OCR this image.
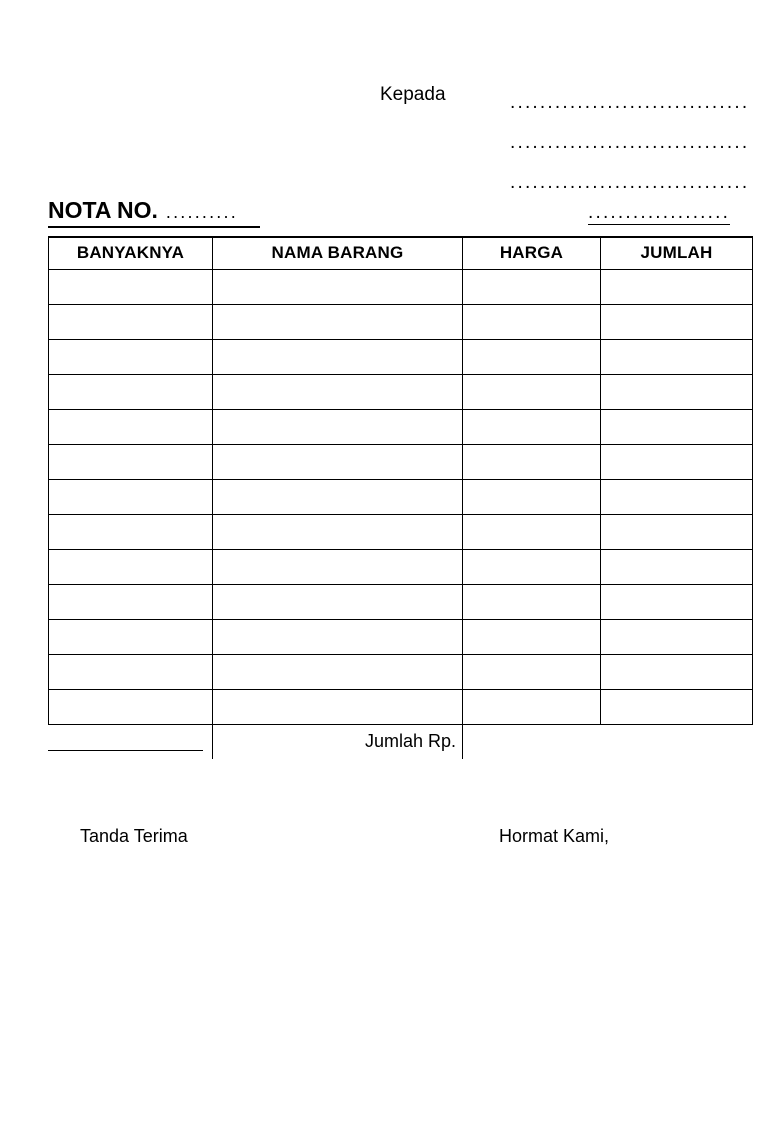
Kepada	................................
................................
................................
...................
NOTA NO. ..........
BANYAKNYA	NAMA BARANG	HARGA	JUMLAH

	Jumlah Rp.		
Tanda Terima	Hormat Kami,
